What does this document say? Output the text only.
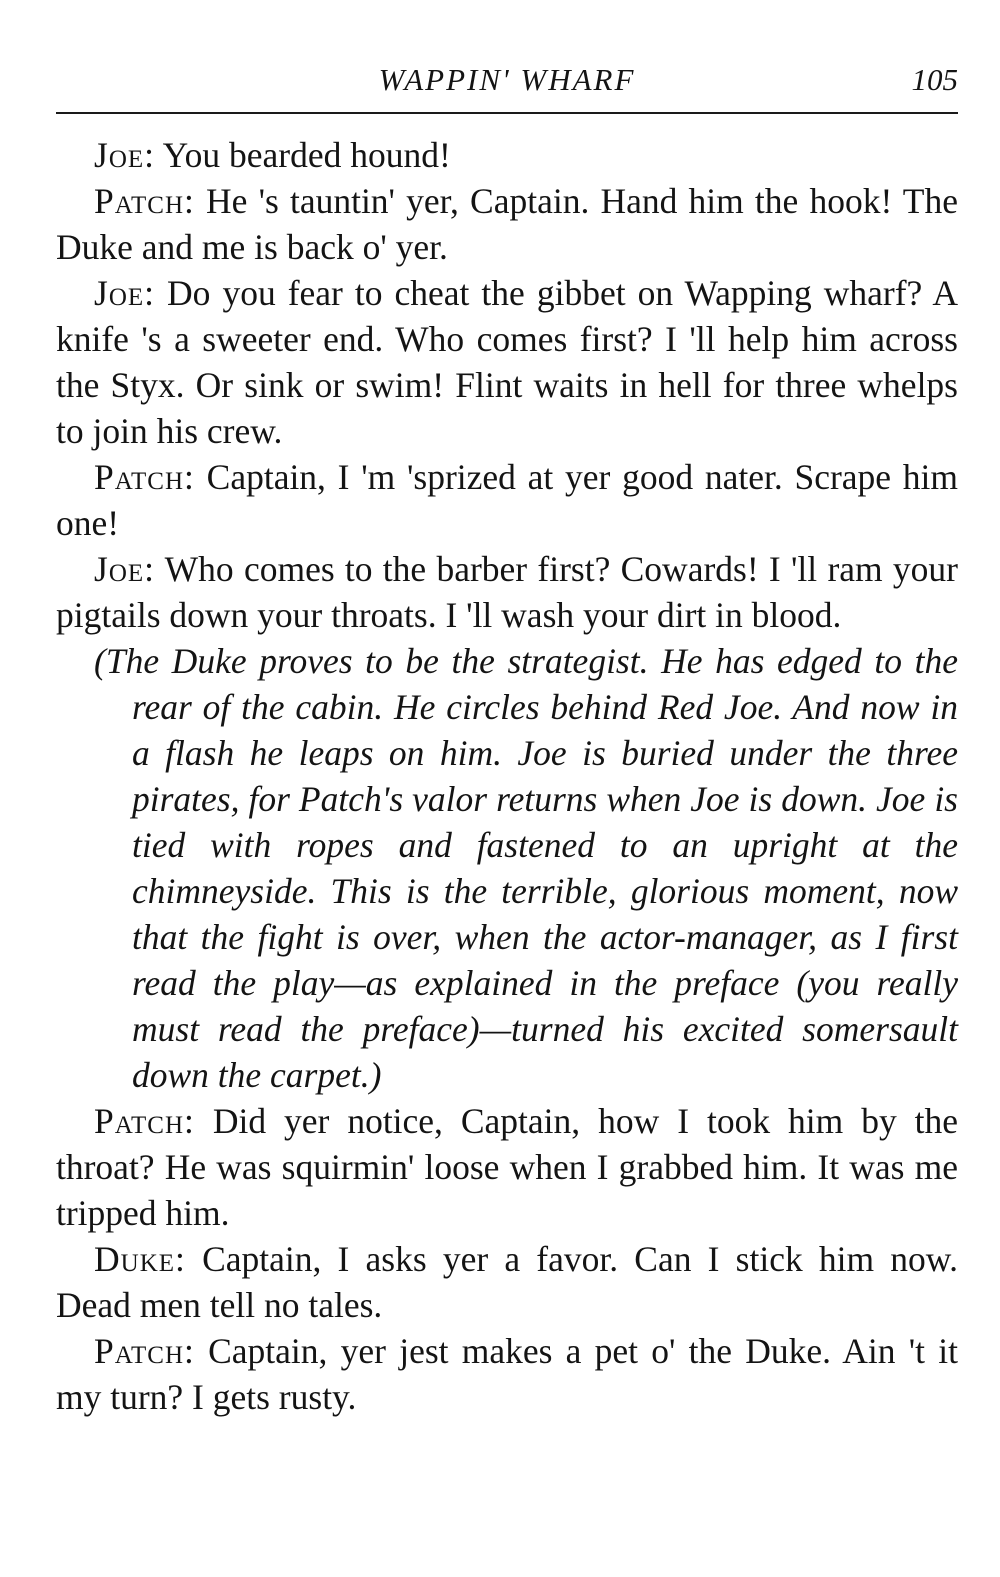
WAPPIN' WHARF	105

Joe: You bearded hound!

Patch: He 's tauntin' yer, Captain. Hand him the hook! The Duke and me is back o' yer.

Joe: Do you fear to cheat the gibbet on Wapping wharf? A knife 's a sweeter end. Who comes first? I 'll help him across the Styx. Or sink or swim! Flint waits in hell for three whelps to join his crew.

Patch: Captain, I 'm 'sprized at yer good nater. Scrape him one!

Joe: Who comes to the barber first? Cowards! I 'll ram your pigtails down your throats. I 'll wash your dirt in blood.

(The Duke proves to be the strategist. He has edged to the rear of the cabin. He circles behind Red Joe. And now in a flash he leaps on him. Joe is buried under the three pirates, for Patch's valor returns when Joe is down. Joe is tied with ropes and fastened to an upright at the chimneyside. This is the terrible, glorious moment, now that the fight is over, when the actor-manager, as I first read the play—as explained in the preface (you really must read the preface)—turned his excited somersault down the carpet.)

Patch: Did yer notice, Captain, how I took him by the throat? He was squirmin' loose when I grabbed him. It was me tripped him.

Duke: Captain, I asks yer a favor. Can I stick him now. Dead men tell no tales.

Patch: Captain, yer jest makes a pet o' the Duke. Ain 't it my turn? I gets rusty.
